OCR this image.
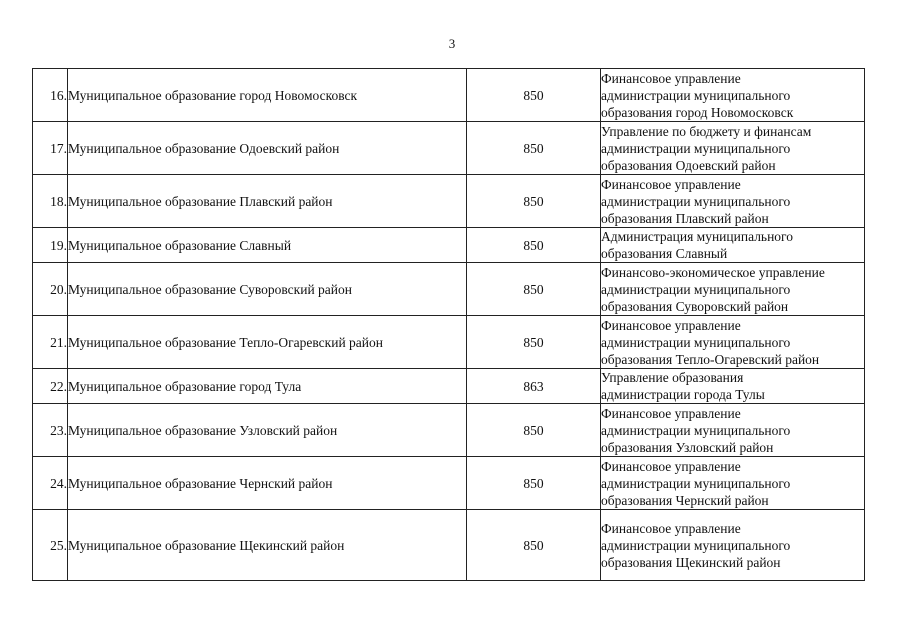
3
16.	Муниципальное образование город Новомосковск	850	Финансовое управление
администрации муниципального
образования город Новомосковск
17.	Муниципальное образование Одоевский район	850	Управление по бюджету и финансам
администрации муниципального
образования Одоевский район
18.	Муниципальное образование Плавский район	850	Финансовое управление
администрации муниципального
образования Плавский район
19.	Муниципальное образование Славный	850	Администрация муниципального
образования Славный
20.	Муниципальное образование Суворовский район	850	Финансово-экономическое управление
администрации муниципального
образования Суворовский район
21.	Муниципальное образование Тепло-Огаревский район	850	Финансовое управление
администрации муниципального
образования Тепло-Огаревский район
22.	Муниципальное образование город Тула	863	Управление образования
администрации города Тулы
23.	Муниципальное образование Узловский район	850	Финансовое управление
администрации муниципального
образования Узловский район
24.	Муниципальное образование Чернский район	850	Финансовое управление
администрации муниципального
образования Чернский район
25.	Муниципальное образование Щекинский район	850	Финансовое управление
администрации муниципального
образования Щекинский район
